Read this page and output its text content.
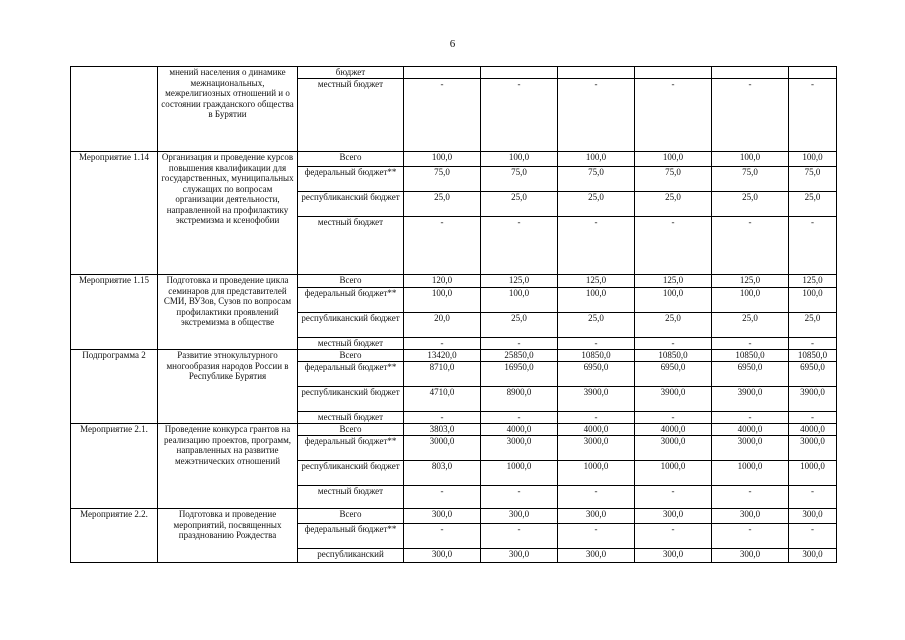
6
	мнений населения о динамике межнациональных, межрелигиозных отношений и о состоянии гражданского общества в Бурятии	бюджет							
		местный бюджет	-	-	-	-	-	-	
Мероприятие 1.14	Организация и проведение курсов повышения квалификации для государственных, муниципальных служащих по вопросам организации деятельности, направленной на профилактику экстремизма и ксенофобии	Всего	100,0	100,0	100,0	100,0	100,0	100,0	
		федеральный бюджет**	75,0	75,0	75,0	75,0	75,0	75,0	
		республиканский бюджет	25,0	25,0	25,0	25,0	25,0	25,0	
		местный бюджет	-	-	-	-	-	-	
Мероприятие 1.15	Подготовка и проведение цикла семинаров для представителей СМИ, ВУЗов, Сузов по вопросам профилактики проявлений экстремизма в обществе	Всего	120,0	125,0	125,0	125,0	125,0	125,0	
		федеральный бюджет**	100,0	100,0	100,0	100,0	100,0	100,0	
		республиканский бюджет	20,0	25,0	25,0	25,0	25,0	25,0	
		местный бюджет	-	-	-	-	-	-	
Подпрограмма 2	Развитие этнокультурного многообразия народов России в Республике Бурятия	Всего	13420,0	25850,0	10850,0	10850,0	10850,0	10850,0	
		федеральный бюджет**	8710,0	16950,0	6950,0	6950,0	6950,0	6950,0	
		республиканский бюджет	4710,0	8900,0	3900,0	3900,0	3900,0	3900,0	
		местный бюджет	-	-	-	-	-	-	
Мероприятие 2.1.	Проведение конкурса грантов на реализацию проектов, программ, направленных на развитие межэтнических отношений	Всего	3803,0	4000,0	4000,0	4000,0	4000,0	4000,0	
		федеральный бюджет**	3000,0	3000,0	3000,0	3000,0	3000,0	3000,0	
		республиканский бюджет	803,0	1000,0	1000,0	1000,0	1000,0	1000,0	
		местный бюджет	-	-	-	-	-	-	
Мероприятие 2.2.	Подготовка и проведение мероприятий, посвященных празднованию Рождества	Всего	300,0	300,0	300,0	300,0	300,0	300,0	
		федеральный бюджет**	-	-	-	-	-	-	
		республиканский	300,0	300,0	300,0	300,0	300,0	300,0	
